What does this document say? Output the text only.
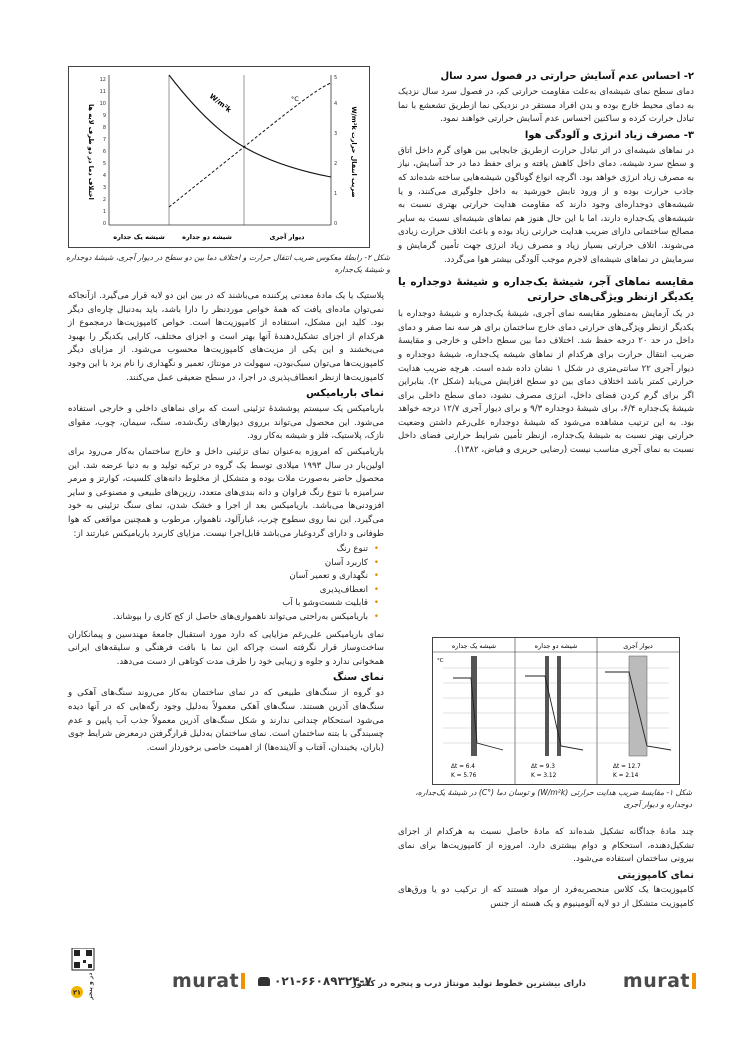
۲- احساس عدم آسایش حرارتی در فصول سرد سال

دمای سطح نمای شیشه‌ای به‌علت مقاومت حرارتی کم، در فصول سرد سال نزدیک به دمای محیط خارج بوده و بدن افراد مستقر در نزدیکی نما ازطریق تشعشع با نما تبادل حرارت کرده و ساکنین احساس عدم آسایش حرارتی خواهند نمود.

۳- مصرف زیاد انرژی و آلودگی هوا

در نماهای شیشه‌ای در اثر تبادل حرارت ازطریق جابجایی بین هوای گرم داخل اتاق و سطح سرد شیشه، دمای داخل کاهش یافته و برای حفظ دما در حد آسایش، نیاز به مصرف زیاد انرژی خواهد بود. اگرچه انواع گوناگون شیشه‌هایی ساخته شده‌اند که جاذب حرارت بوده و از ورود تابش خورشید به داخل جلوگیری می‌کنند، و یا شیشه‌های دوجداره‌ای وجود دارند که مقاومت هدایت حرارتی بهتری نسبت به شیشه‌های یک‌جداره دارند، اما با این حال هنوز هم نماهای شیشه‌ای نسبت به سایر مصالح ساختمانی دارای ضریب هدایت حرارتی زیاد بوده و باعث اتلاف حرارت زیادی می‌شوند. اتلاف حرارتی بسیار زیاد و مصرف زیاد انرژی جهت تأمین گرمایش و سرمایش در نماهای شیشه‌ای لاجرم موجب آلودگی بیشتر هوا می‌گردد.

مقایسه نماهای آجر، شیشهٔ یک‌جداره و شیشهٔ دوجداره یا یکدیگر ازنظر ویژگی‌های حرارتی

در یک آزمایش به‌منظور مقایسه نمای آجری، شیشهٔ یک‌جداره و شیشهٔ دوجداره با یکدیگر ازنظر ویژگی‌های حرارتی دمای خارج ساختمان برای هر سه نما صفر و دمای داخل در حد ۲۰ درجه حفظ شد. اختلاف دما بین سطح داخلی و خارجی و مقایسهٔ ضریب انتقال حرارت برای هرکدام از نماهای شیشه یک‌جداره، شیشهٔ دوجداره و دیوار آجری ۲۲ سانتی‌متری در شکل ۱ نشان داده شده است. هرچه ضریب هدایت حرارتی کمتر باشد اختلاف دمای بین دو سطح افزایش می‌یابد (شکل ۲). بنابراین اگر برای گرم کردن فضای داخل، انرژی مصرف نشود، دمای سطح داخلی برای شیشهٔ یک‌جداره ۶/۴، برای شیشهٔ دوجداره ۹/۳ و برای دیوار آجری ۱۲/۷ درجه خواهد بود. به این ترتیب مشاهده می‌شود که شیشهٔ دوجداره علی‌رغم داشتن وضعیت حرارتی بهتر نسبت به شیشهٔ یک‌جداره، ازنظر تأمین شرایط حرارتی فضای داخل نسبت به نمای آجری مناسب نیست (رضایی حریری و فیاض، ۱۳۸۲).

0
1
2
3
4
5
6
7
8
9
10
11
12
0
1
2
3
4
5
W/m²k	°C
اختلاف دما در دو طرف لایه ها	ضریب انتقال حرارت W/m²k
شیشه یک جداره	شیشه دو جداره	دیوار آجری
شکل ۲- رابطهٔ معکوس ضریب انتقال حرارت و اختلاف دما بین دو سطح در دیوار آجری، شیشهٔ دوجداره و شیشهٔ یک‌جداره

پلاستیک یا یک مادهٔ معدنی پرکننده می‌باشند که در بین این دو لایه قرار می‌گیرد. ازآنجاکه نمی‌توان ماده‌ای یافت که همهٔ خواص موردنظر را دارا باشد، باید به‌دنبال چاره‌ای دیگر بود. کلید این مشکل، استفاده از کامپوزیت‌ها است. خواص کامپوزیت‌ها درمجموع از هرکدام از اجزای تشکیل‌دهندهٔ آنها بهتر است و اجزای مختلف، کارایی یکدیگر را بهبود می‌بخشند و این یکی از مزیت‌های کامپوزیت‌ها محسوب می‌شود. از مزایای دیگر کامپوزیت‌ها می‌توان سبک‌بودن، سهولت در مونتاژ، تعمیر و نگهداری را نام برد با این وجود کامپوزیت‌ها ازنظر انعطاف‌پذیری در اجرا، در سطح ضعیفی عمل می‌کنند.

نمای باریامیکس

باریامیکس یک سیستم پوششدهٔ تزئینی است که برای نماهای داخلی و خارجی استفاده می‌شود. این محصول می‌تواند برروی دیوارهای رنگ‌شده، سنگ، سیمان، چوب، مقوای نازک، پلاستیک، فلز و شیشه به‌کار رود.

باریامیکس که امروزه به‌عنوان نمای تزئینی داخل و خارج ساختمان به‌کار می‌رود برای اولین‌بار در سال ۱۹۹۳ میلادی توسط یک گروه در ترکیه تولید و به دنیا عرضه شد. این محصول حاضر به‌صورت ملات بوده و متشکل از مخلوط دانه‌های کلسیت، کوارتز و مرمر سرامیزه با تنوع رنگ فراوان و دانه بندی‌های متعدد، رزین‌های طبیعی و مصنوعی و سایر افزودنی‌ها می‌باشد. باریامیکس بعد از اجرا و خشک شدن، نمای سنگ تزئینی به خود می‌گیرد. این نما روی سطوح چرب، غبارآلود، ناهموار، مرطوب و همچنین مواقعی که هوا طوفانی و دارای گردوغبار می‌باشد قابل‌اجرا نیست. مزایای کاربرد باریامیکس عبارتند از:

• تنوع رنگ
• کاربرد آسان
• نگهداری و تعمیر آسان
• انعطاف‌پذیری
• قابلیت شست‌وشو با آب
• باریامیکس به‌راحتی می‌تواند ناهمواری‌های حاصل از کج کاری را بپوشاند.

نمای باریامیکس علی‌رغم مزایایی که دارد مورد استقبال جامعهٔ مهندسین و پیمانکاران ساخت‌وساز قرار نگرفته است چراکه این نما با بافت فرهنگی و سلیقه‌های ایرانی همخوانی ندارد و جلوه و زیبایی خود را ظرف مدت کوتاهی از دست می‌دهد.

نمای سنگ

دو گروه از سنگ‌های طبیعی که در نمای ساختمان به‌کار می‌روند سنگ‌های آهکی و سنگ‌های آذرین هستند. سنگ‌های آهکی معمولاً به‌دلیل وجود رگه‌هایی که در آنها دیده می‌شود استحکام چندانی ندارند و شکل سنگ‌های آذرین معمولاً جذب آب پایین و عدم چسبندگی با بتنه ساختمان است. نمای ساختمان به‌دلیل قرارگرفتن درمعرض شرایط جوی (باران، یخبندان، آفتاب و آلاینده‌ها) از اهمیت خاصی برخوردار است.

دیوار آجری
شیشه دو جداره
شیشه یک جداره
°C
Δt = 6.4
K = 5.76
Δt = 9.3
K = 3.12
Δt = 12.7
K = 2.14
شکل ۱- مقایسهٔ ضریب هدایت حرارتی (W/m²k) و توسان دما (°C) در شیشهٔ یک‌جداره، دوجداره و دیوار آجری

چند مادهٔ جداگانه تشکیل شده‌اند که مادهٔ حاصل نسبت به هرکدام از اجزای تشکیل‌دهنده، استحکام و دوام بیشتری دارد. امروزه از کامپوزیت‌ها برای نمای بیرونی ساختمان استفاده می‌شود.

نمای کامپوزیتی

کامپوزیت‌ها یک کلاس منحصربه‌فرد از مواد هستند که از ترکیب دو یا ورق‌های کامپوزیت متشکل از دو لایه آلومینیوم و یک هسته از جنس

murat
دارای بیشترین خطوط تولید مونتاژ درب و پنجره در کشور
۰۲۱-۶۶۰۸۹۳۲۴-۷
murat
۲۱ در و پنجره
